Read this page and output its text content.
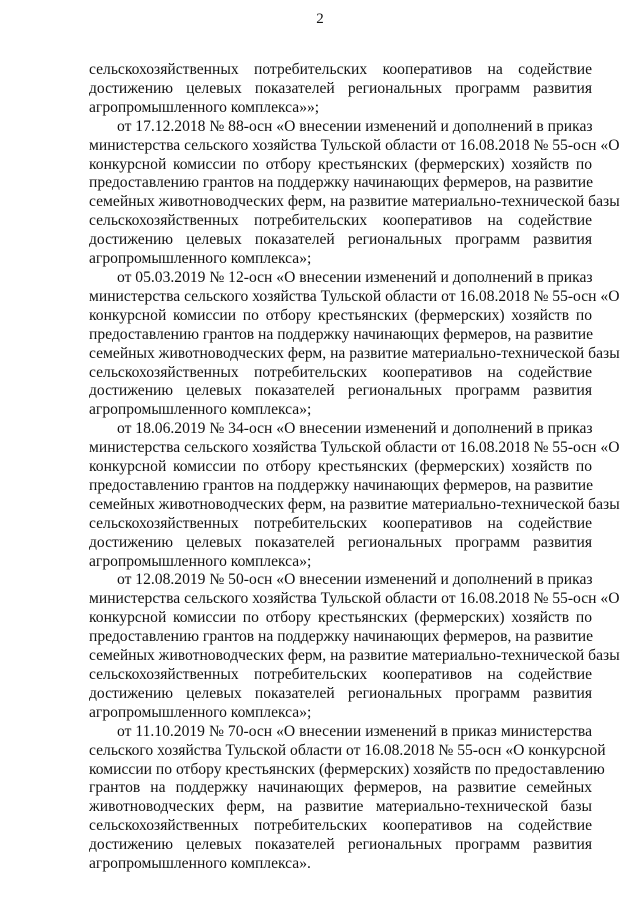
2
сельскохозяйственных потребительских кооперативов на содействие
достижению целевых показателей региональных программ развития
агропромышленного комплекса»»;
от 17.12.2018 № 88-осн «О внесении изменений и дополнений в приказ
министерства сельского хозяйства Тульской области от 16.08.2018 № 55-осн «О
конкурсной комиссии по отбору крестьянских (фермерских) хозяйств по
предоставлению грантов на поддержку начинающих фермеров, на развитие
семейных животноводческих ферм, на развитие материально-технической базы
сельскохозяйственных потребительских кооперативов на содействие
достижению целевых показателей региональных программ развития
агропромышленного комплекса»;
от 05.03.2019 № 12-осн «О внесении изменений и дополнений в приказ
министерства сельского хозяйства Тульской области от 16.08.2018 № 55-осн «О
конкурсной комиссии по отбору крестьянских (фермерских) хозяйств по
предоставлению грантов на поддержку начинающих фермеров, на развитие
семейных животноводческих ферм, на развитие материально-технической базы
сельскохозяйственных потребительских кооперативов на содействие
достижению целевых показателей региональных программ развития
агропромышленного комплекса»;
от 18.06.2019 № 34-осн «О внесении изменений и дополнений в приказ
министерства сельского хозяйства Тульской области от 16.08.2018 № 55-осн «О
конкурсной комиссии по отбору крестьянских (фермерских) хозяйств по
предоставлению грантов на поддержку начинающих фермеров, на развитие
семейных животноводческих ферм, на развитие материально-технической базы
сельскохозяйственных потребительских кооперативов на содействие
достижению целевых показателей региональных программ развития
агропромышленного комплекса»;
от 12.08.2019 № 50-осн «О внесении изменений и дополнений в приказ
министерства сельского хозяйства Тульской области от 16.08.2018 № 55-осн «О
конкурсной комиссии по отбору крестьянских (фермерских) хозяйств по
предоставлению грантов на поддержку начинающих фермеров, на развитие
семейных животноводческих ферм, на развитие материально-технической базы
сельскохозяйственных потребительских кооперативов на содействие
достижению целевых показателей региональных программ развития
агропромышленного комплекса»;
от 11.10.2019 № 70-осн «О внесении изменений в приказ министерства
сельского хозяйства Тульской области от 16.08.2018 № 55-осн «О конкурсной
комиссии по отбору крестьянских (фермерских) хозяйств по предоставлению
грантов на поддержку начинающих фермеров, на развитие семейных
животноводческих ферм, на развитие материально-технической базы
сельскохозяйственных потребительских кооперативов на содействие
достижению целевых показателей региональных программ развития
агропромышленного комплекса».
